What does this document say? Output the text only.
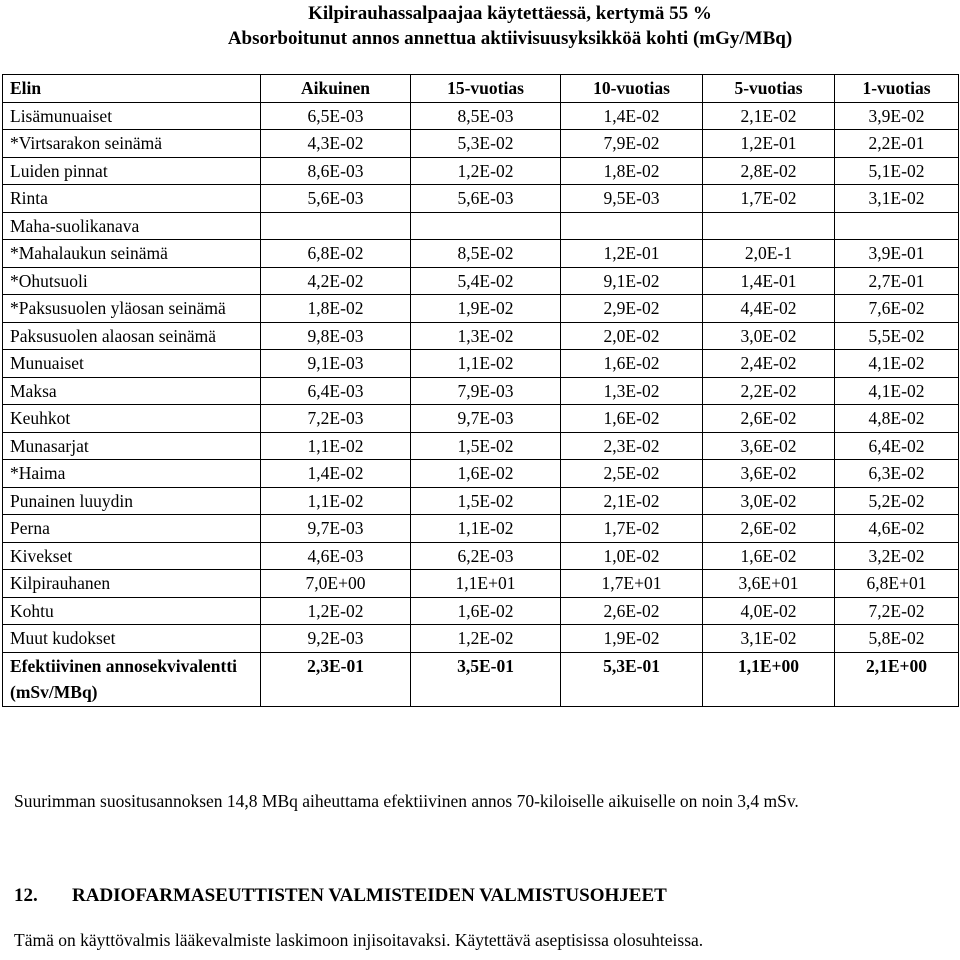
Kilpirauhassalpaajaa käytettäessä, kertymä 55 %
Absorboitunut annos annettua aktiivisuusyksikköä kohti (mGy/MBq)
Elin	Aikuinen	15-vuotias	10-vuotias	5-vuotias	1-vuotias
Lisämunuaiset	6,5E-03	8,5E-03	1,4E-02	2,1E-02	3,9E-02
*Virtsarakon seinämä	4,3E-02	5,3E-02	7,9E-02	1,2E-01	2,2E-01
Luiden pinnat	8,6E-03	1,2E-02	1,8E-02	2,8E-02	5,1E-02
Rinta	5,6E-03	5,6E-03	9,5E-03	1,7E-02	3,1E-02
Maha-suolikanava					
*Mahalaukun seinämä	6,8E-02	8,5E-02	1,2E-01	2,0E-1	3,9E-01
*Ohutsuoli	4,2E-02	5,4E-02	9,1E-02	1,4E-01	2,7E-01
*Paksusuolen yläosan seinämä	1,8E-02	1,9E-02	2,9E-02	4,4E-02	7,6E-02
Paksusuolen alaosan seinämä	9,8E-03	1,3E-02	2,0E-02	3,0E-02	5,5E-02
Munuaiset	9,1E-03	1,1E-02	1,6E-02	2,4E-02	4,1E-02
Maksa	6,4E-03	7,9E-03	1,3E-02	2,2E-02	4,1E-02
Keuhkot	7,2E-03	9,7E-03	1,6E-02	2,6E-02	4,8E-02
Munasarjat	1,1E-02	1,5E-02	2,3E-02	3,6E-02	6,4E-02
*Haima	1,4E-02	1,6E-02	2,5E-02	3,6E-02	6,3E-02
Punainen luuydin	1,1E-02	1,5E-02	2,1E-02	3,0E-02	5,2E-02
Perna	9,7E-03	1,1E-02	1,7E-02	2,6E-02	4,6E-02
Kivekset	4,6E-03	6,2E-03	1,0E-02	1,6E-02	3,2E-02
Kilpirauhanen	7,0E+00	1,1E+01	1,7E+01	3,6E+01	6,8E+01
Kohtu	1,2E-02	1,6E-02	2,6E-02	4,0E-02	7,2E-02
Muut kudokset	9,2E-03	1,2E-02	1,9E-02	3,1E-02	5,8E-02
Efektiivinen annosekvivalentti (mSv/MBq)	2,3E-01	3,5E-01	5,3E-01	1,1E+00	2,1E+00
Suurimman suositusannoksen 14,8 MBq aiheuttama efektiivinen annos 70-kiloiselle aikuiselle on noin 3,4 mSv.
12. RADIOFARMASEUTTISTEN VALMISTEIDEN VALMISTUSOHJEET
Tämä on käyttövalmis lääkevalmiste laskimoon injisoitavaksi. Käytettävä aseptisissa olosuhteissa.
